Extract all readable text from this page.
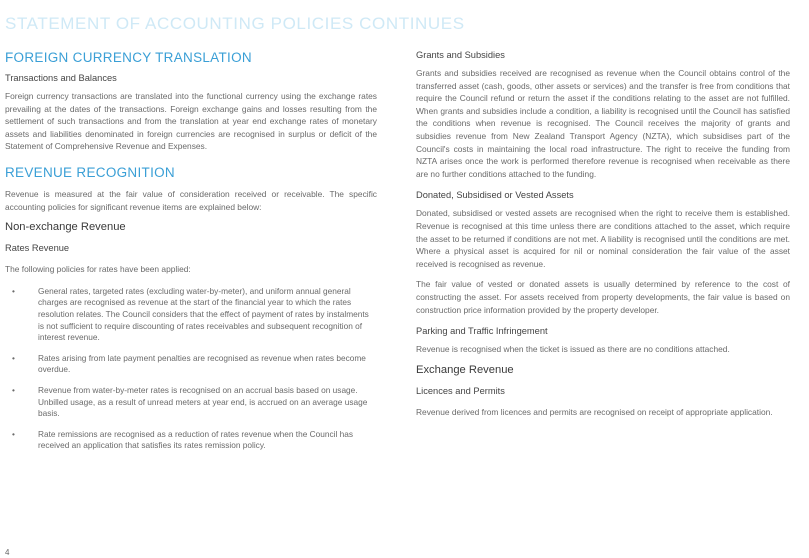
STATEMENT OF ACCOUNTING POLICIES CONTINUES
FOREIGN CURRENCY TRANSLATION
Transactions and Balances

Foreign currency transactions are translated into the functional currency using the exchange rates prevailing at the dates of the transactions. Foreign exchange gains and losses resulting from the settlement of such transactions and from the translation at year end exchange rates of monetary assets and liabilities denominated in foreign currencies are recognised in surplus or deficit of the Statement of Comprehensive Revenue and Expenses.

REVENUE RECOGNITION

Revenue is measured at the fair value of consideration received or receivable. The specific accounting policies for significant revenue items are explained below:

Non-exchange Revenue
Rates Revenue

The following policies for rates have been applied:

•	General rates, targeted rates (excluding water-by-meter), and uniform annual general charges are recognised as revenue at the start of the financial year to which the rates resolution relates. The Council considers that the effect of payment of rates by instalments is not sufficient to require discounting of rates receivables and subsequent recognition of interest revenue.
•	Rates arising from late payment penalties are recognised as revenue when rates become overdue.
•	Revenue from water-by-meter rates is recognised on an accrual basis based on usage. Unbilled usage, as a result of unread meters at year end, is accrued on an average usage basis.
•	Rate remissions are recognised as a reduction of rates revenue when the Council has received an application that satisfies its rates remission policy.
Grants and Subsidies

Grants and subsidies received are recognised as revenue when the Council obtains control of the transferred asset (cash, goods, other assets or services) and the transfer is free from conditions that require the Council refund or return the asset if the conditions relating to the asset are not fulfilled. When grants and subsidies include a condition, a liability is recognised until the Council has satisfied the conditions when revenue is recognised. The Council receives the majority of grants and subsidies revenue from New Zealand Transport Agency (NZTA), which subsidises part of the Council's costs in maintaining the local road infrastructure. The right to receive the funding from NZTA arises once the work is performed therefore revenue is recognised when receivable as there are no further conditions attached to the funding.

Donated, Subsidised or Vested Assets

Donated, subsidised or vested assets are recognised when the right to receive them is established. Revenue is recognised at this time unless there are conditions attached to the asset, which require the asset to be returned if conditions are not met. A liability is recognised until the conditions are met. Where a physical asset is acquired for nil or nominal consideration the fair value of the asset received is recognised as revenue.

The fair value of vested or donated assets is usually determined by reference to the cost of constructing the asset. For assets received from property developments, the fair value is based on construction price information provided by the property developer.

Parking and Traffic Infringement

Revenue is recognised when the ticket is issued as there are no conditions attached.

Exchange Revenue
Licences and Permits

Revenue derived from licences and permits are recognised on receipt of appropriate application.

4
